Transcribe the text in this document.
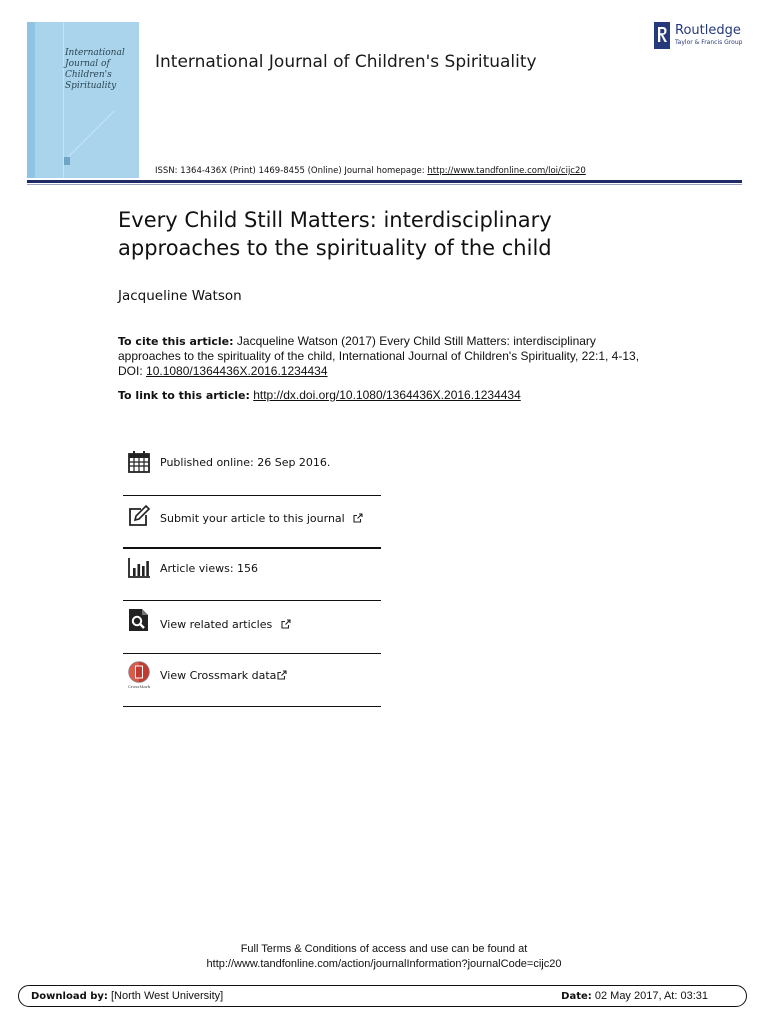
International
Journal of
Children's
Spirituality
International Journal of Children's Spirituality
Routledge
Taylor & Francis Group
ISSN: 1364-436X (Print) 1469-8455 (Online) Journal homepage: http://www.tandfonline.com/loi/cijc20
Every Child Still Matters: interdisciplinary approaches to the spirituality of the child
Jacqueline Watson
To cite this article: Jacqueline Watson (2017) Every Child Still Matters: interdisciplinary approaches to the spirituality of the child, International Journal of Children's Spirituality, 22:1, 4-13, DOI: 10.1080/1364436X.2016.1234434
To link to this article: http://dx.doi.org/10.1080/1364436X.2016.1234434
Published online: 26 Sep 2016.
Submit your article to this journal
Article views: 156
View related articles
CrossMark
View Crossmark data
Full Terms & Conditions of access and use can be found at
http://www.tandfonline.com/action/journalInformation?journalCode=cijc20
Download by: [North West University]	Date: 02 May 2017, At: 03:31
